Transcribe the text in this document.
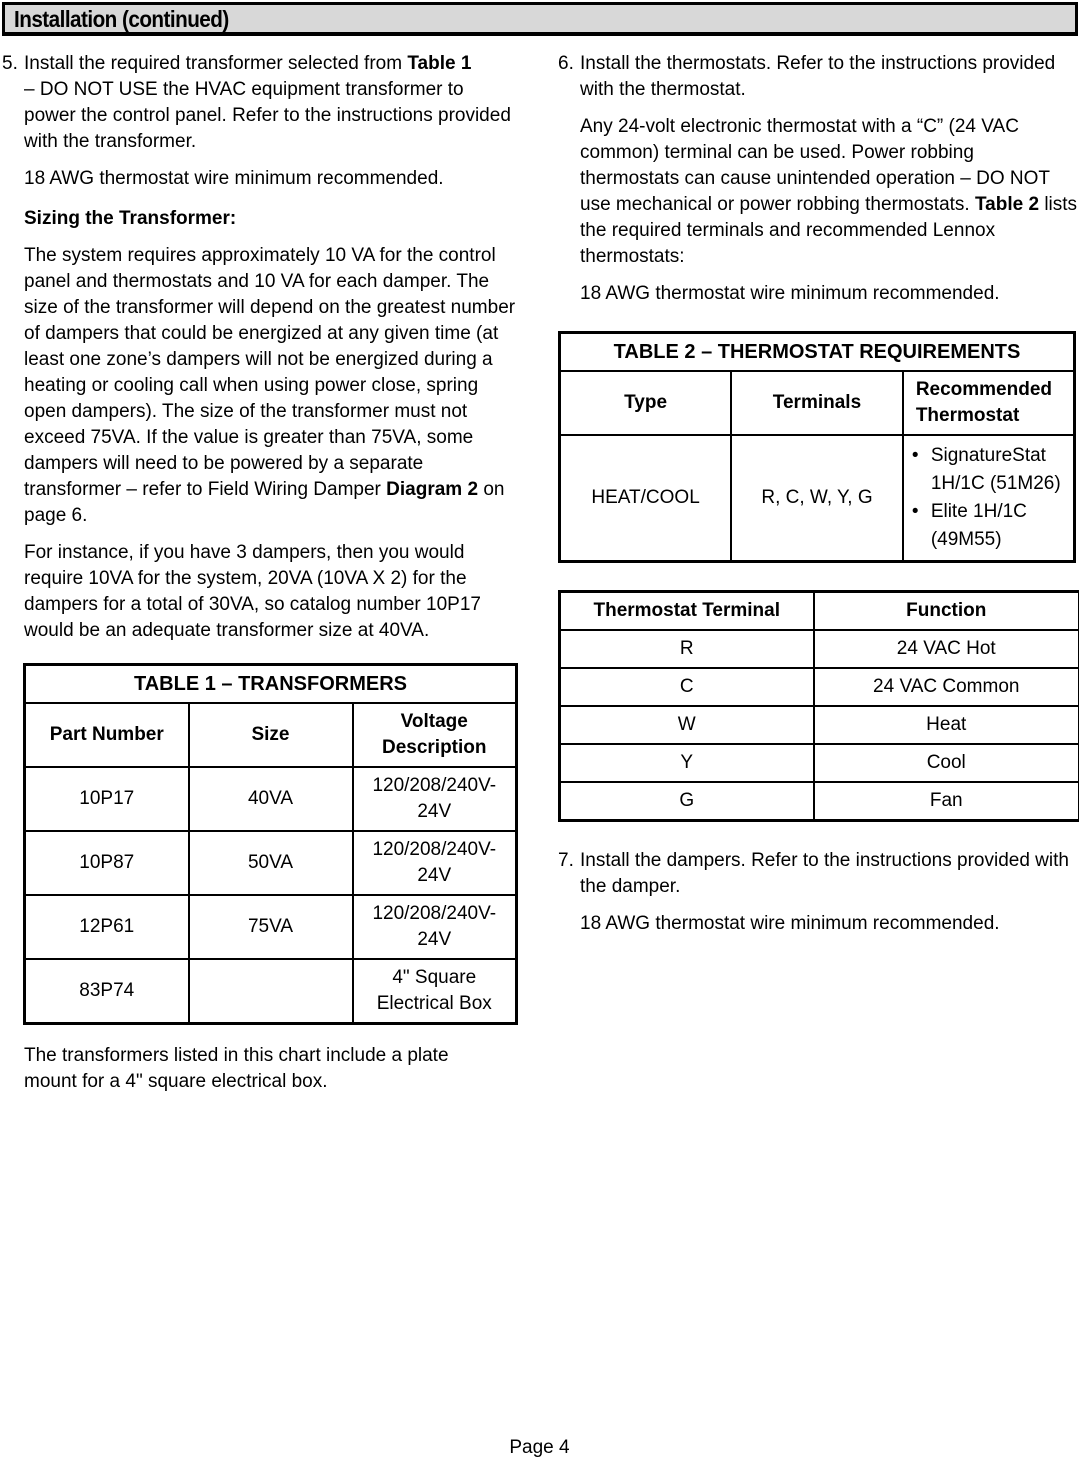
Installation (continued)
5. Install the required transformer selected from Table 1
– DO NOT USE the HVAC equipment transformer to power the control panel. Refer to the instructions provided with the transformer.

18 AWG thermostat wire minimum recommended.

Sizing the Transformer:

The system requires approximately 10 VA for the control panel and thermostats and 10 VA for each damper. The size of the transformer will depend on the greatest number of dampers that could be energized at any given time (at least one zone’s dampers will not be energized during a heating or cooling call when using power close, spring open dampers). The size of the transformer must not exceed 75VA. If the value is greater than 75VA, some dampers will need to be powered by a separate transformer – refer to Field Wiring Damper Diagram 2 on page 6.

For instance, if you have 3 dampers, then you would require 10VA for the system, 20VA (10VA X 2) for the dampers for a total of 30VA, so catalog number 10P17 would be an adequate transformer size at 40VA.

TABLE 1 – TRANSFORMERS		
Part Number	Size	Voltage Description
10P17	40VA	120/208/240V-24V
10P87	50VA	120/208/240V-24V
12P61	75VA	120/208/240V-24V
83P74		4" Square Electrical Box

The transformers listed in this chart include a plate mount for a 4" square electrical box.

6. Install the thermostats. Refer to the instructions provided with the thermostat.

Any 24-volt electronic thermostat with a “C” (24 VAC common) terminal can be used. Power robbing thermostats can cause unintended operation – DO NOT use mechanical or power robbing thermostats. Table 2 lists the required terminals and recommended Lennox thermostats:

18 AWG thermostat wire minimum recommended.

TABLE 2 – THERMOSTAT REQUIREMENTS		
Type	Terminals	Recommended Thermostat
HEAT/COOL	R, C, W, Y, G	• SignatureStat 1H/1C (51M26)
• Elite 1H/1C (49M55)
Thermostat Terminal	Function
R	24 VAC Hot
C	24 VAC Common
W	Heat
Y	Cool
G	Fan
7. Install the dampers. Refer to the instructions provided with the damper.

18 AWG thermostat wire minimum recommended.

Page 4
